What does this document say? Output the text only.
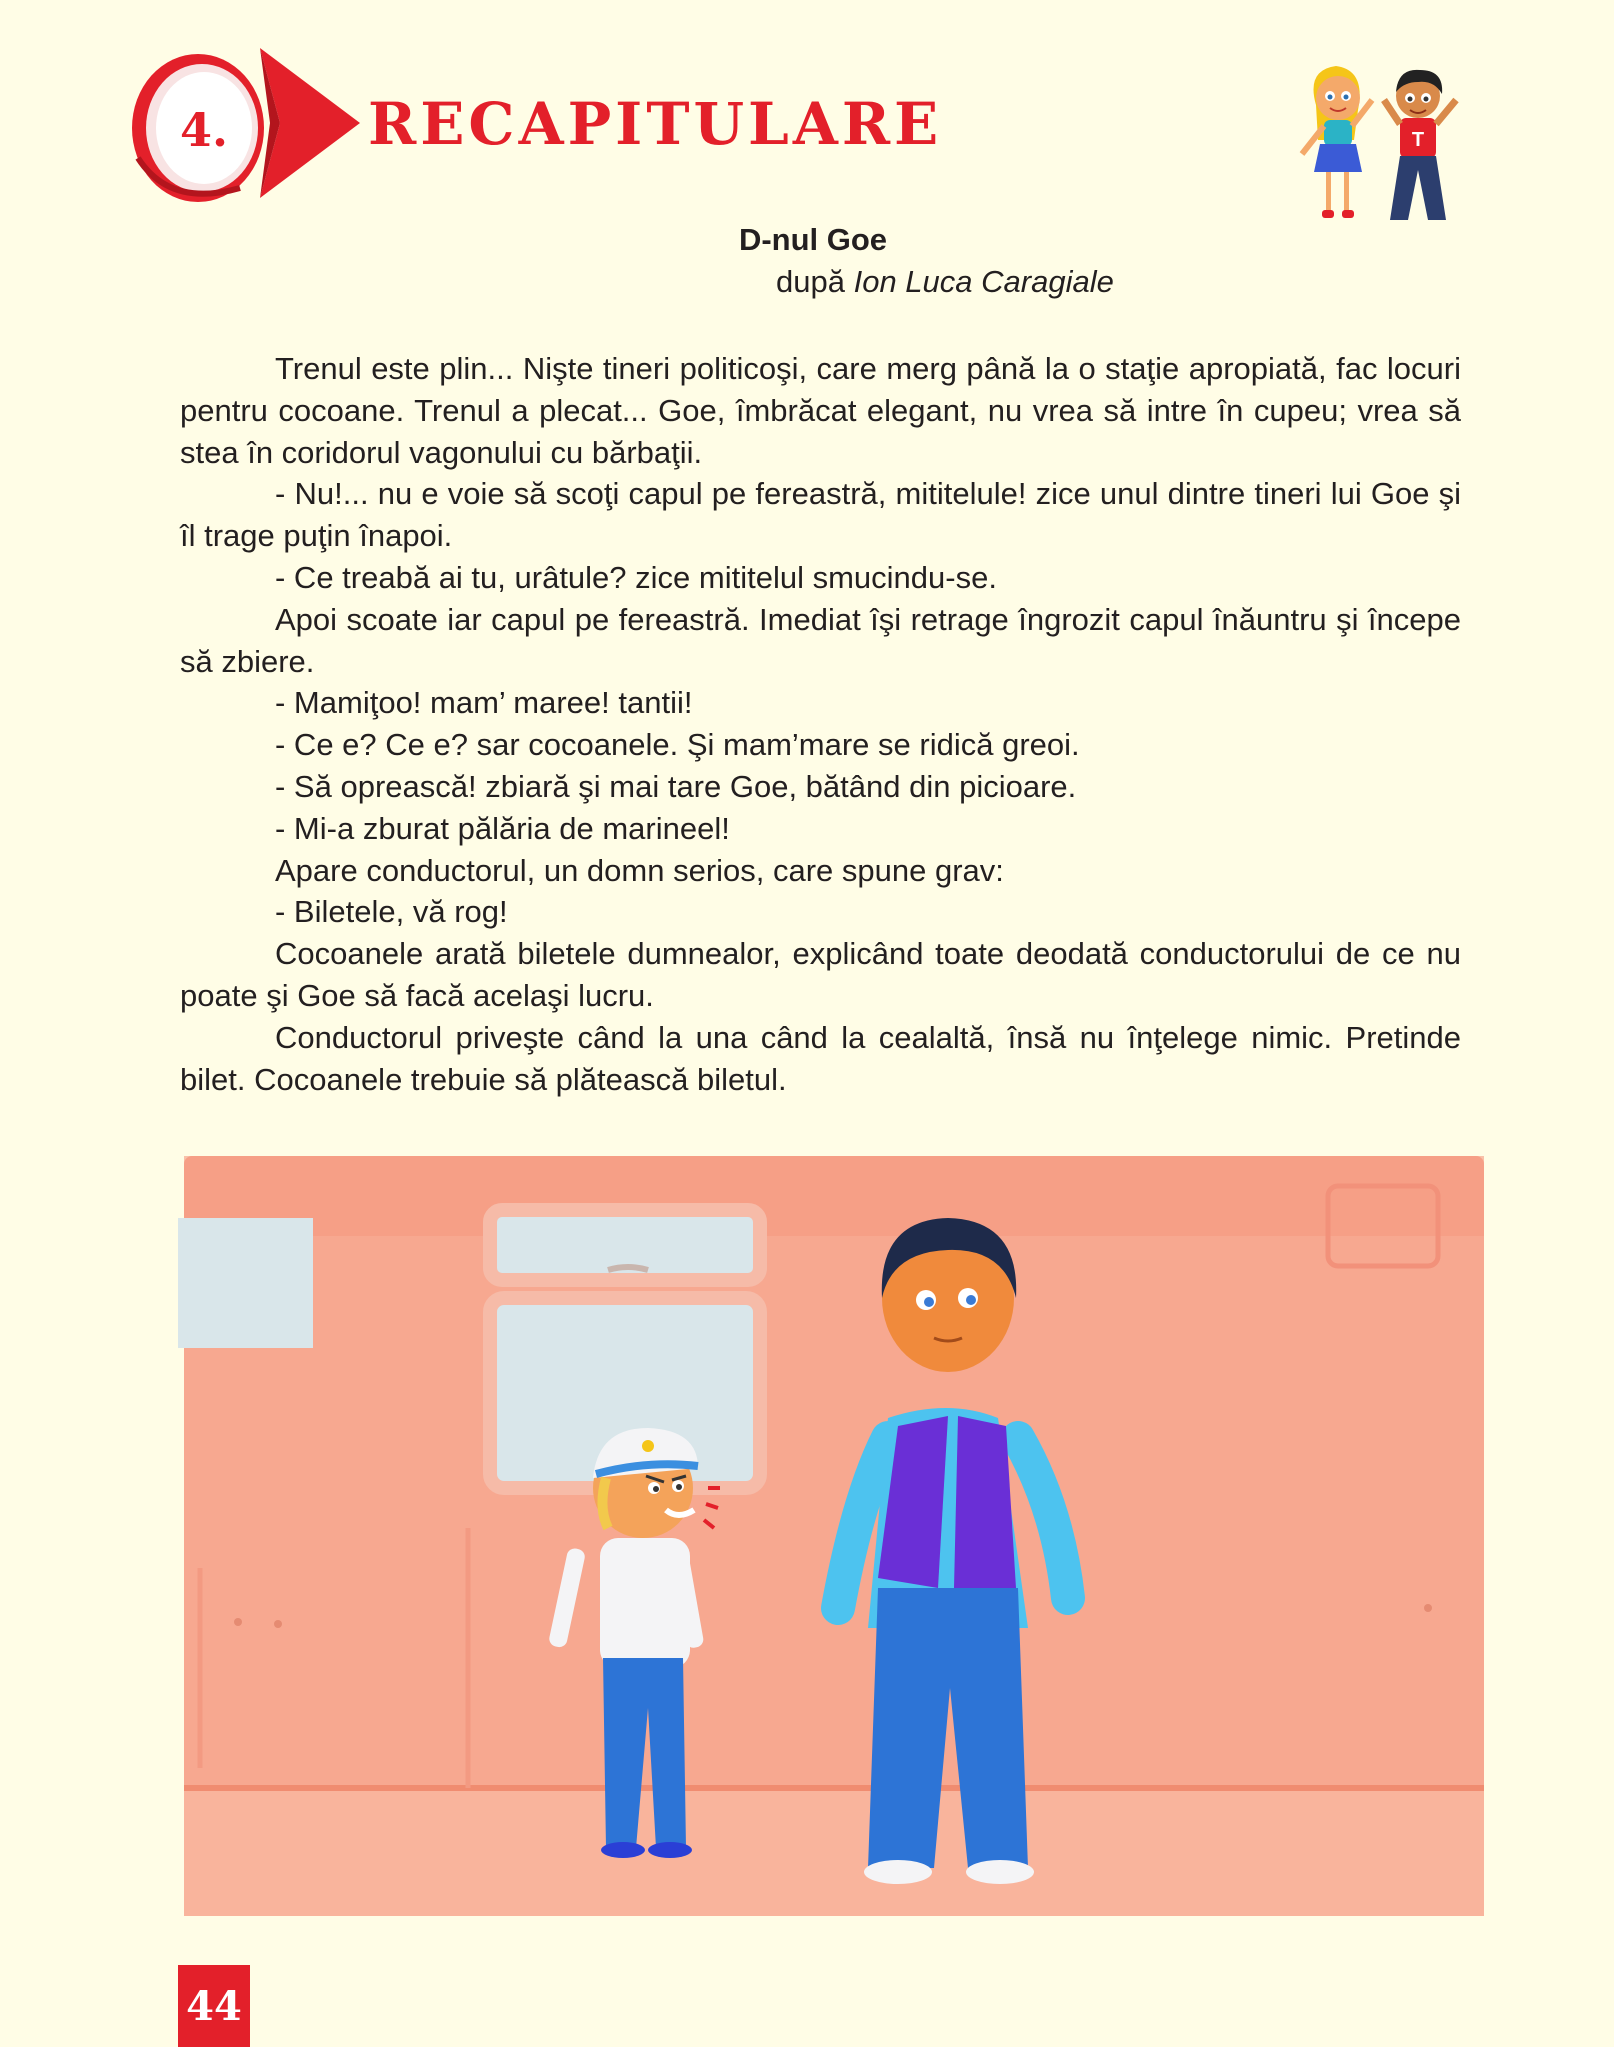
4. RECAPITULARE	T
D-nul Goe
după Ion Luca Caragiale

Trenul este plin... Nişte tineri politicoşi, care merg până la o staţie apropiată, fac locuri pentru cocoane. Trenul a plecat... Goe, îmbrăcat elegant, nu vrea să intre în cupeu; vrea să stea în coridorul vagonului cu bărbaţii.

- Nu!... nu e voie să scoţi capul pe fereastră, mititelule! zice unul dintre tineri lui Goe şi îl trage puţin înapoi.

- Ce treabă ai tu, urâtule? zice mititelul smucindu-se.

Apoi scoate iar capul pe fereastră. Imediat îşi retrage îngrozit capul înăuntru şi începe să zbiere.

- Mamiţoo! mam’ maree! tantii!

- Ce e? Ce e? sar cocoanele. Şi mam’mare se ridică greoi.

- Să oprească! zbiară şi mai tare Goe, bătând din picioare.

- Mi-a zburat pălăria de marineel!

Apare conductorul, un domn serios, care spune grav:

- Biletele, vă rog!

Cocoanele arată biletele dumnealor, explicând toate deodată conductorului de ce nu poate şi Goe să facă acelaşi lucru.

Conductorul priveşte când la una când la cealaltă, însă nu înţelege nimic. Pretinde bilet. Cocoanele trebuie să plătească biletul.

44
